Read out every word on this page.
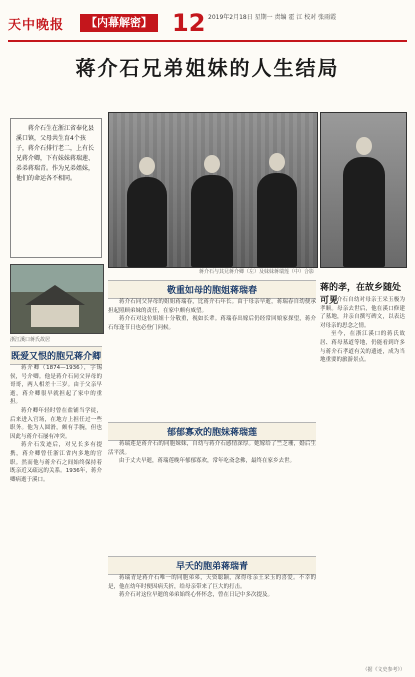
天中晚报	【内幕解密】 12 2019年2月18日 星期一 责编 霍 江 校对 张雨霞
蒋介石兄弟姐妹的人生结局
蒋介石生在浙江省奉化县溪口镇，父母共生育4个孩子，蒋介石排行老二，上有长兄蒋介卿，下有妹妹蒋瑞莲、弟弟蒋瑞青。作为兄弟姐妹，他们的命运各不相同。
蒋介石与其兄蒋介卿（左）及妹妹蒋瑞莲（中）合影
浙江溪口蒋氏故居
既爱又恨的胞兄蒋介卿

蒋介卿（1874—1936），字锡侯，号介卿。他是蒋介石同父异母的哥哥，两人相差十三岁。由于父亲早逝，蒋介卿很早就担起了家中的重担。

蒋介卿年轻时曾在盐铺当学徒，后来进入官场，在地方上担任过一些职务。他为人圆滑，颇有手腕，但也因此与蒋介石屡有冲突。

蒋介石发迹后，对兄长多有提携，蒋介卿曾任浙江省内多地的官职。然而他与蒋介石之间始终保持着既亲近又疏远的关系。1936年，蒋介卿病逝于溪口。

敬重如母的胞姐蒋瑞春

蒋介石同父异母的姐姐蒋瑞春，比蒋介石年长。由于母亲早逝，蒋瑞春自幼便承担起照顾弟妹的责任，在家中颇有威望。

蒋介石对这位姐姐十分敬重，视如长辈。蒋瑞春出嫁后仍经常回娘家探望，蒋介石每逢节日也必登门问候。

郁郁寡欢的胞妹蒋瑞莲

蒋瑞莲是蒋介石的同胞妹妹，自幼与蒋介石感情深厚。她嫁给了竺芝珊，婚后生活平淡。

由于丈夫早逝，蒋瑞莲晚年郁郁寡欢，常年吃斋念佛，最终在家乡去世。

早夭的胞弟蒋瑞青

蒋瑞青是蒋介石唯一的同胞弟弟，天资聪颖，深得母亲王采玉的喜爱。不幸的是，他在幼年时便因病夭折，给母亲带来了巨大的打击。

蒋介石对这位早逝的弟弟始终心怀怀念，曾在日记中多次提及。

蒋的孝，在故乡随处可见

蒋介石自幼对母亲王采玉极为孝顺。母亲去世后，他在溪口修建了墓地，并亲自撰写碑文，以表达对母亲的思念之情。

至今，在浙江溪口的蒋氏故居、蒋母墓道等地，仍能看到许多与蒋介石孝道有关的遗迹，成为当地重要的旅游景点。

（据《文史参考》）
